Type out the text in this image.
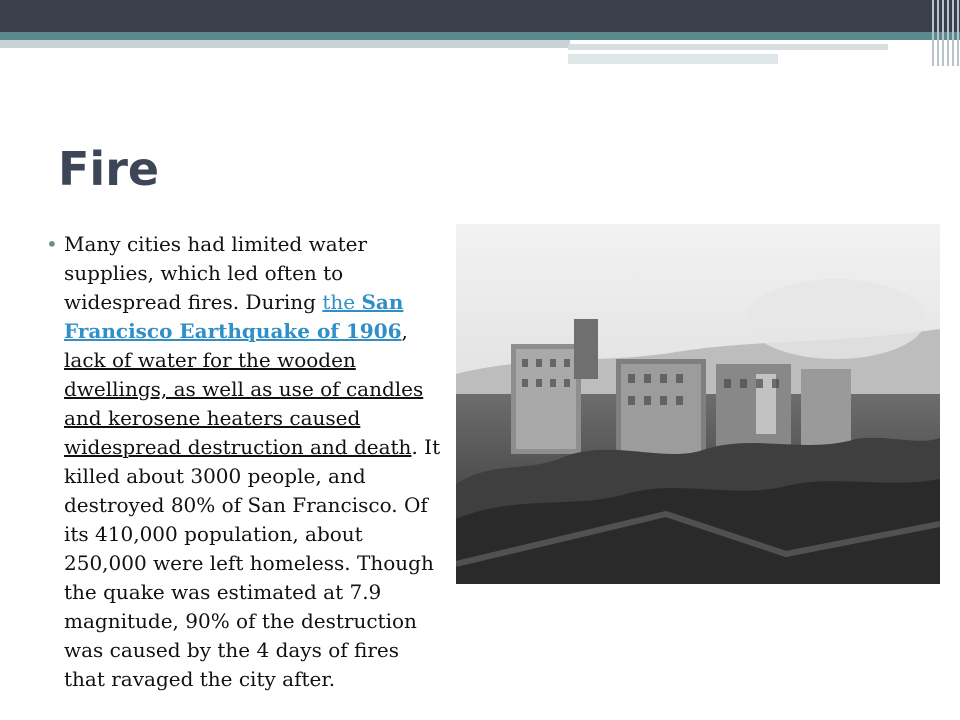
Fire
• Many cities had limited water supplies, which led often to widespread fires. During the San Francisco Earthquake of 1906, lack of water for the wooden dwellings, as well as use of candles and kerosene heaters caused widespread destruction and death. It killed about 3000 people, and destroyed 80% of San Francisco. Of its 410,000 population, about 250,000 were left homeless. Though the quake was estimated at 7.9 magnitude, 90% of the destruction was caused by the 4 days of fires that ravaged the city after.
